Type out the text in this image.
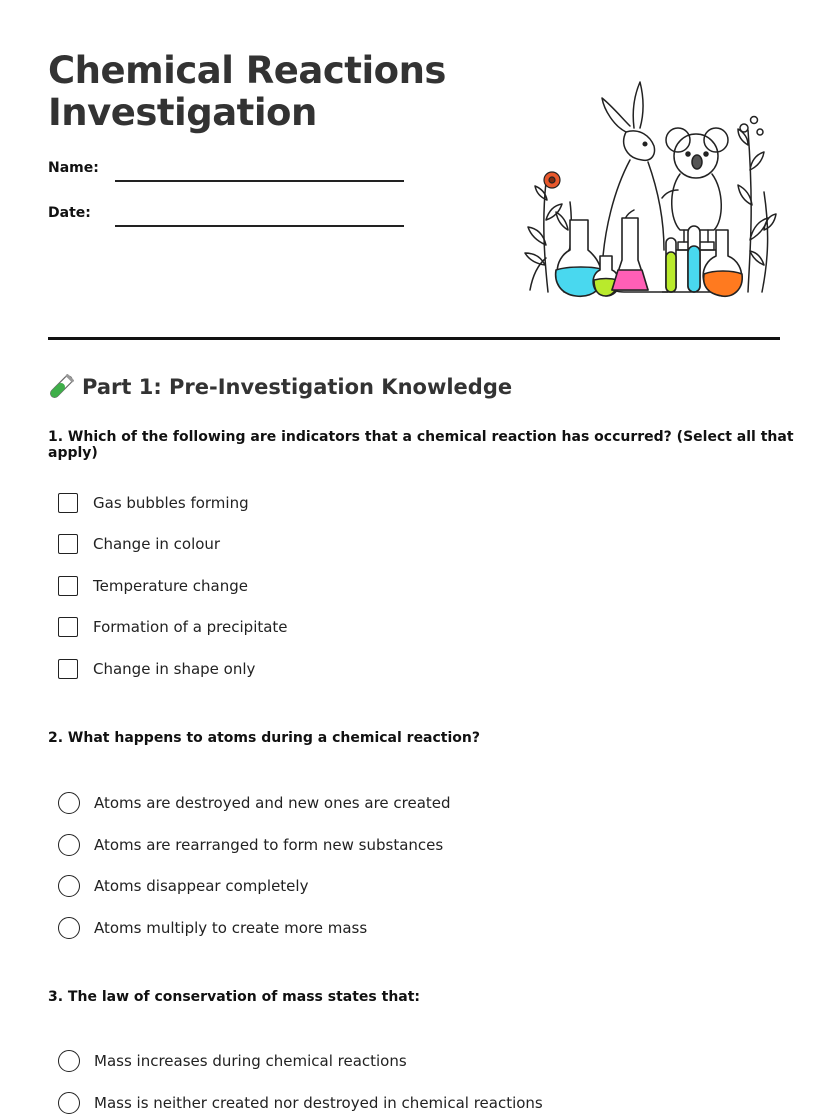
Chemical Reactions
Investigation
Name:
Date:
Part 1: Pre-Investigation Knowledge
1. Which of the following are indicators that a chemical reaction has occurred? (Select all that apply)
Gas bubbles forming
Change in colour
Temperature change
Formation of a precipitate
Change in shape only
2. What happens to atoms during a chemical reaction?
Atoms are destroyed and new ones are created
Atoms are rearranged to form new substances
Atoms disappear completely
Atoms multiply to create more mass
3. The law of conservation of mass states that:
Mass increases during chemical reactions
Mass is neither created nor destroyed in chemical reactions
